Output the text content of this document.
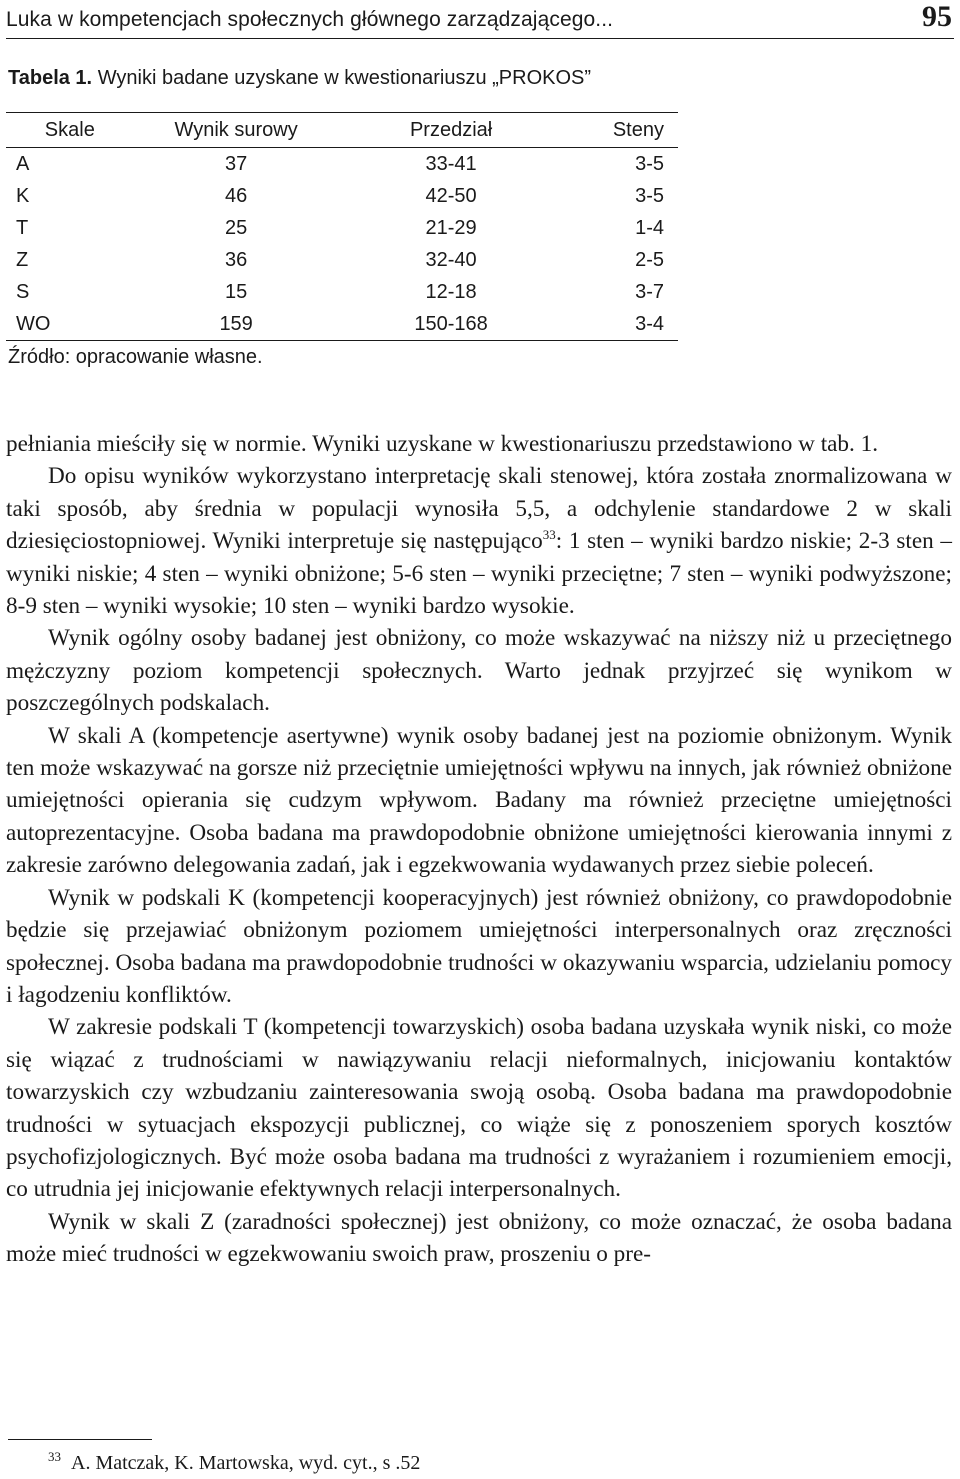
Luka w kompetencjach społecznych głównego zarządzającego...	95
Tabela 1. Wyniki badane uzyskane w kwestionariuszu „PROKOS”
Skale	Wynik surowy	Przedział	Steny
A	37	33-41	3-5
K	46	42-50	3-5
T	25	21-29	1-4
Z	36	32-40	2-5
S	15	12-18	3-7
WO	159	150-168	3-4
Źródło: opracowanie własne.

pełniania mieściły się w normie. Wyniki uzyskane w kwestionariuszu przedstawiono w tab. 1.

Do opisu wyników wykorzystano interpretację skali stenowej, która została znormalizowana w taki sposób, aby średnia w populacji wynosiła 5,5, a odchylenie standardowe 2 w skali dziesięciostopniowej. Wyniki interpretuje się następująco$^{33}$: 1 sten – wyniki bardzo niskie; 2-3 sten – wyniki niskie; 4 sten – wyniki obniżone; 5-6 sten – wyniki przeciętne; 7 sten – wyniki podwyższone; 8-9 sten – wyniki wysokie; 10 sten – wyniki bardzo wysokie.

Wynik ogólny osoby badanej jest obniżony, co może wskazywać na niższy niż u przeciętnego mężczyzny poziom kompetencji społecznych. Warto jednak przyjrzeć się wynikom w poszczególnych podskalach.

W skali A (kompetencje asertywne) wynik osoby badanej jest na poziomie obniżonym. Wynik ten może wskazywać na gorsze niż przeciętnie umiejętności wpływu na innych, jak również obniżone umiejętności opierania się cudzym wpływom. Badany ma również przeciętne umiejętności autoprezentacyjne. Osoba badana ma prawdopodobnie obniżone umiejętności kierowania innymi z zakresie zarówno delegowania zadań, jak i egzekwowania wydawanych przez siebie poleceń.

Wynik w podskali K (kompetencji kooperacyjnych) jest również obniżony, co prawdopodobnie będzie się przejawiać obniżonym poziomem umiejętności interpersonalnych oraz zręczności społecznej. Osoba badana ma prawdopodobnie trudności w okazywaniu wsparcia, udzielaniu pomocy i łagodzeniu konfliktów.

W zakresie podskali T (kompetencji towarzyskich) osoba badana uzyskała wynik niski, co może się wiązać z trudnościami w nawiązywaniu relacji nieformalnych, inicjowaniu kontaktów towarzyskich czy wzbudzaniu zainteresowania swoją osobą. Osoba badana ma prawdopodobnie trudności w sytuacjach ekspozycji publicznej, co wiąże się z ponoszeniem sporych kosztów psychofizjologicznych. Być może osoba badana ma trudności z wyrażaniem i rozumieniem emocji, co utrudnia jej inicjowanie efektywnych relacji interpersonalnych.

Wynik w skali Z (zaradności społecznej) jest obniżony, co może oznaczać, że osoba badana może mieć trudności w egzekwowaniu swoich praw, proszeniu o pre-

$^{33}$ A. Matczak, K. Martowska, wyd. cyt., s .52
